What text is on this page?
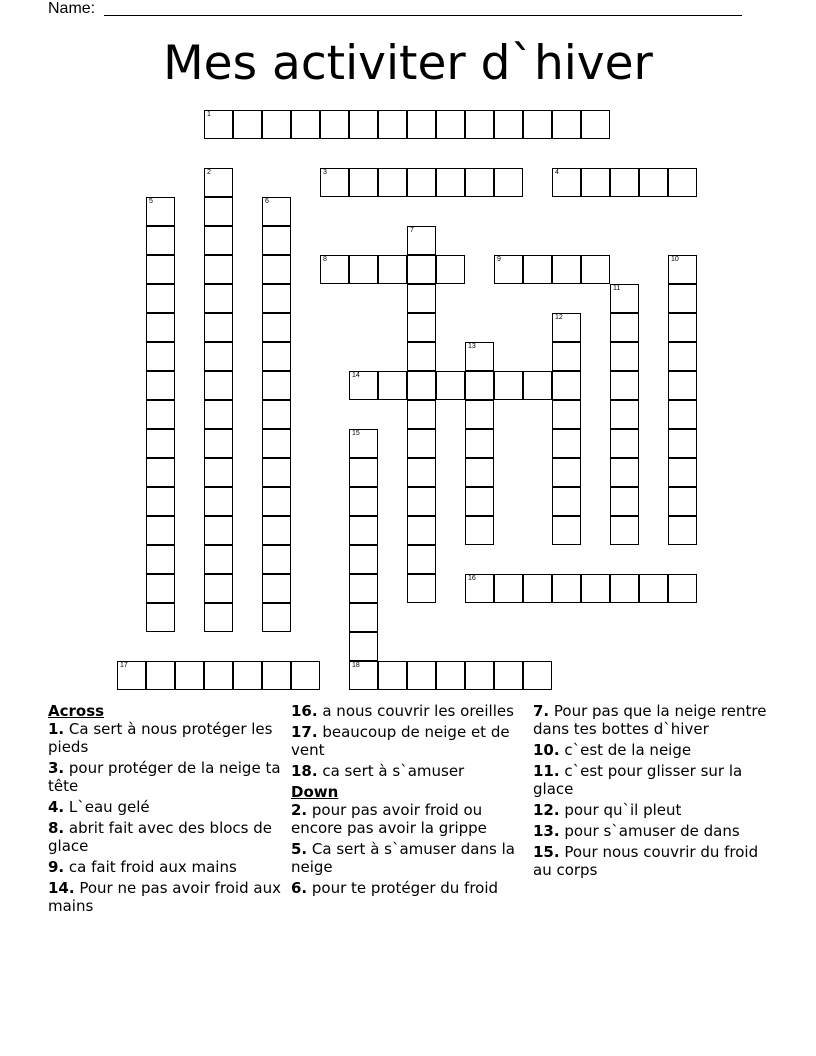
Name:
Mes activiter d`hiver
1
2	3	4
5	6
7
8	9	10
11
12
13
14
15
18
16
17
Across
1. Ca sert à nous protéger les pieds
3. pour protéger de la neige ta tête
4. L`eau gelé
8. abrit fait avec des blocs de glace
9. ca fait froid aux mains
14. Pour ne pas avoir froid aux mains
16. a nous couvrir les oreilles
17. beaucoup de neige et de vent
18. ca sert à s`amuser
Down
2. pour pas avoir froid ou encore pas avoir la grippe
5. Ca sert à s`amuser dans la neige
6. pour te protéger du froid
7. Pour pas que la neige rentre dans tes bottes d`hiver
10. c`est de la neige
11. c`est pour glisser sur la glace
12. pour qu`il pleut
13. pour s`amuser de dans
15. Pour nous couvrir du froid au corps
